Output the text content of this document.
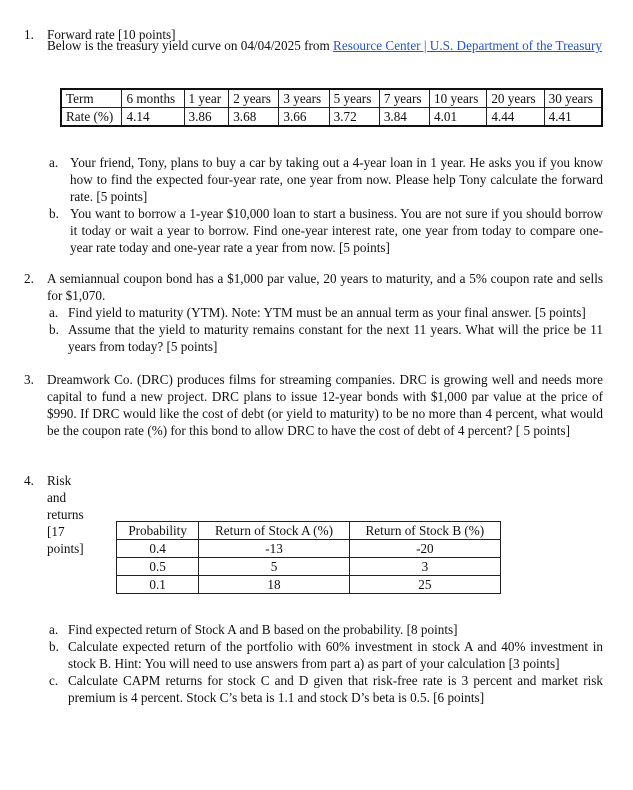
1. Forward rate [10 points]
Below is the treasury yield curve on 04/04/2025 from Resource Center | U.S. Department of the Treasury
Term	6 months	1 year	2 years	3 years	5 years	7 years	10 years	20 years	30 years
Rate (%)	4.14	3.86	3.68	3.66	3.72	3.84	4.01	4.44	4.41
a. Your friend, Tony, plans to buy a car by taking out a 4-year loan in 1 year. He asks you if you know how to find the expected four-year rate, one year from now. Please help Tony calculate the forward rate. [5 points]
b. You want to borrow a 1-year $10,000 loan to start a business. You are not sure if you should borrow it today or wait a year to borrow. Find one-year interest rate, one year from today to compare one-year rate today and one-year rate a year from now. [5 points]
2. A semiannual coupon bond has a $1,000 par value, 20 years to maturity, and a 5% coupon rate and sells for $1,070.
a. Find yield to maturity (YTM). Note: YTM must be an annual term as your final answer. [5 points]
b. Assume that the yield to maturity remains constant for the next 11 years. What will the price be 11 years from today? [5 points]
3. Dreamwork Co. (DRC) produces films for streaming companies. DRC is growing well and needs more capital to fund a new project. DRC plans to issue 12-year bonds with $1,000 par value at the price of $990. If DRC would like the cost of debt (or yield to maturity) to be no more than 4 percent, what would be the coupon rate (%) for this bond to allow DRC to have the cost of debt of 4 percent? [ 5 points]
4. Risk and returns [17 points]
Probability	Return of Stock A (%)	Return of Stock B (%)
0.4	-13	-20
0.5	5	3
0.1	18	25
a. Find expected return of Stock A and B based on the probability. [8 points]
b. Calculate expected return of the portfolio with 60% investment in stock A and 40% investment in stock B. Hint: You will need to use answers from part a) as part of your calculation [3 points]
c. Calculate CAPM returns for stock C and D given that risk-free rate is 3 percent and market risk premium is 4 percent. Stock C’s beta is 1.1 and stock D’s beta is 0.5. [6 points]
